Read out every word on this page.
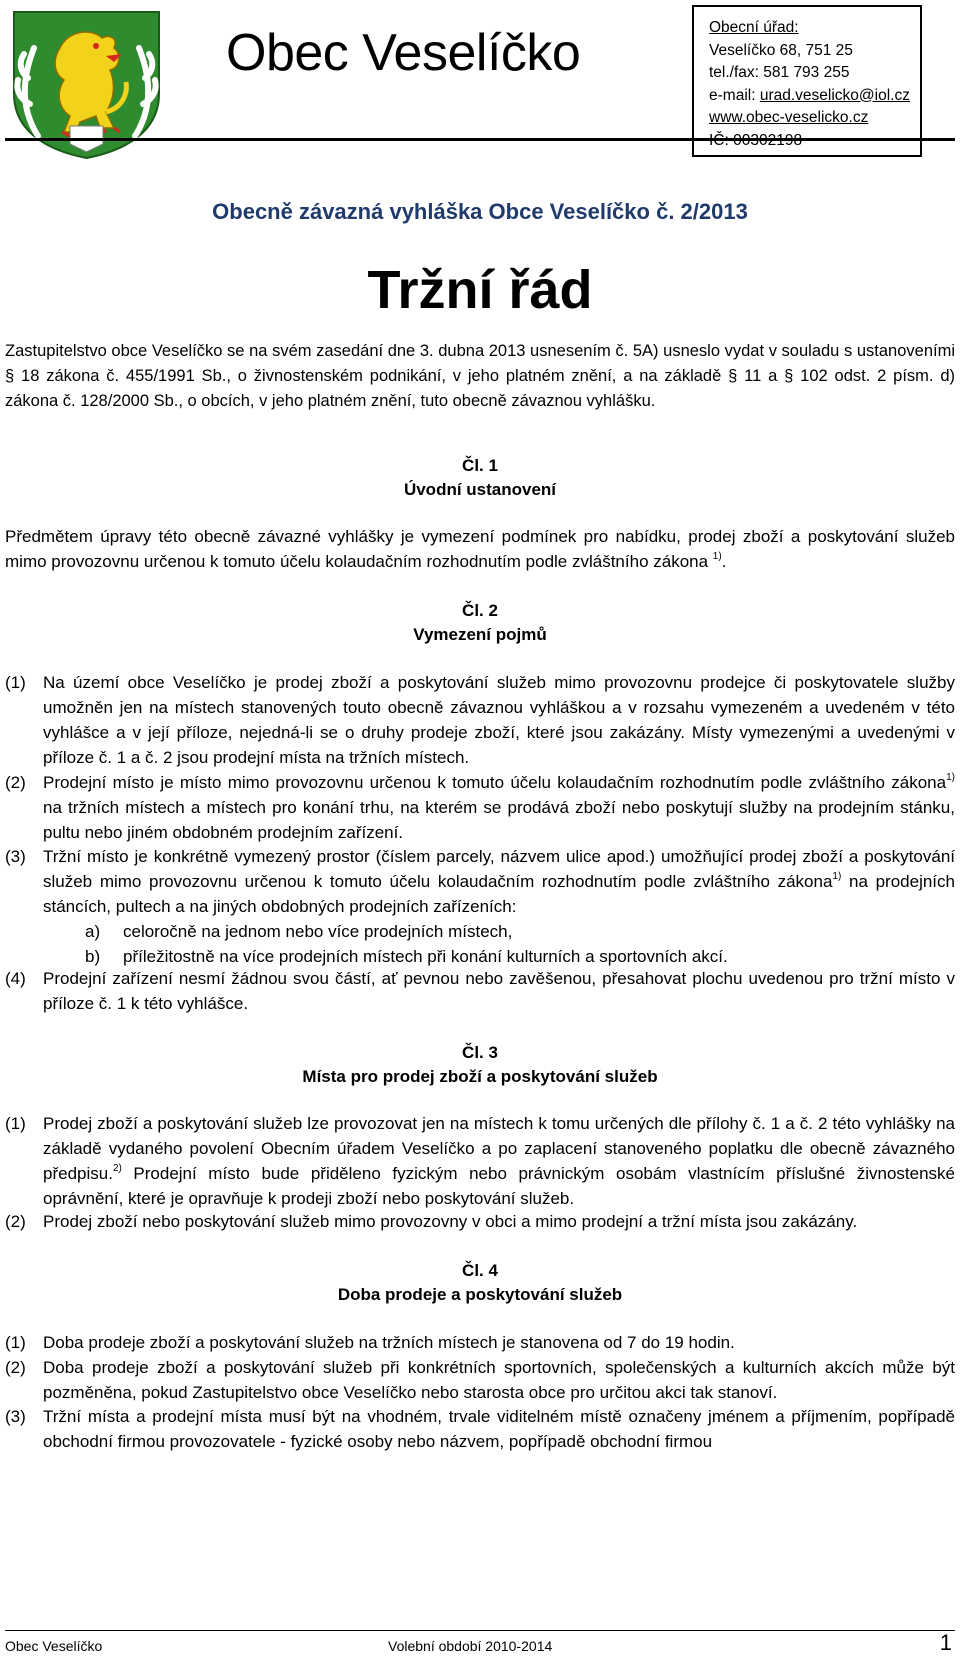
Obec Veselíčko	Obecní úřad:
Veselíčko 68, 751 25
tel./fax: 581 793 255
e-mail: urad.veselicko@iol.cz
www.obec-veselicko.cz
IČ: 00302198
Obecně závazná vyhláška Obce Veselíčko č. 2/2013
Tržní řád
Zastupitelstvo obce Veselíčko se na svém zasedání dne 3. dubna 2013 usnesením č. 5A) usneslo vydat v souladu s ustanoveními § 18 zákona č. 455/1991 Sb., o živnostenském podnikání, v jeho platném znění, a na základě § 11 a § 102 odst. 2 písm. d) zákona č. 128/2000 Sb., o obcích, v jeho platném znění, tuto obecně závaznou vyhlášku.
Čl. 1
Úvodní ustanovení
Předmětem úpravy této obecně závazné vyhlášky je vymezení podmínek pro nabídku, prodej zboží a poskytování služeb mimo provozovnu určenou k tomuto účelu kolaudačním rozhodnutím podle zvláštního zákona $^{1)}$.
Čl. 2
Vymezení pojmů
(1) Na území obce Veselíčko je prodej zboží a poskytování služeb mimo provozovnu prodejce či poskytovatele služby umožněn jen na místech stanovených touto obecně závaznou vyhláškou a v rozsahu vymezeném a uvedeném v této vyhlášce a v její příloze, nejedná-li se o druhy prodeje zboží, které jsou zakázány. Místy vymezenými a uvedenými v příloze č. 1 a č. 2 jsou prodejní místa na tržních místech.
(2) Prodejní místo je místo mimo provozovnu určenou k tomuto účelu kolaudačním rozhodnutím podle zvláštního zákona$^{1)}$ na tržních místech a místech pro konání trhu, na kterém se prodává zboží nebo poskytují služby na prodejním stánku, pultu nebo jiném obdobném prodejním zařízení.
(3) Tržní místo je konkrétně vymezený prostor (číslem parcely, názvem ulice apod.) umožňující prodej zboží a poskytování služeb mimo provozovnu určenou k tomuto účelu kolaudačním rozhodnutím podle zvláštního zákona$^{1)}$ na prodejních stáncích, pultech a na jiných obdobných prodejních zařízeních:
a) celoročně na jednom nebo více prodejních místech,
b) příležitostně na více prodejních místech při konání kulturních a sportovních akcí.
(4) Prodejní zařízení nesmí žádnou svou částí, ať pevnou nebo zavěšenou, přesahovat plochu uvedenou pro tržní místo v příloze č. 1 k této vyhlášce.
Čl. 3
Místa pro prodej zboží a poskytování služeb
(1) Prodej zboží a poskytování služeb lze provozovat jen na místech k tomu určených dle přílohy č. 1 a č. 2 této vyhlášky na základě vydaného povolení Obecním úřadem Veselíčko a po zaplacení stanoveného poplatku dle obecně závazného předpisu.$^{2)}$ Prodejní místo bude přiděleno fyzickým nebo právnickým osobám vlastnícím příslušné živnostenské oprávnění, které je opravňuje k prodeji zboží nebo poskytování služeb.
(2) Prodej zboží nebo poskytování služeb mimo provozovny v obci a mimo prodejní a tržní místa jsou zakázány.
Čl. 4
Doba prodeje a poskytování služeb
(1) Doba prodeje zboží a poskytování služeb na tržních místech je stanovena od 7 do 19 hodin.
(2) Doba prodeje zboží a poskytování služeb při konkrétních sportovních, společenských a kulturních akcích může být pozměněna, pokud Zastupitelstvo obce Veselíčko nebo starosta obce pro určitou akci tak stanoví.
(3) Tržní místa a prodejní místa musí být na vhodném, trvale viditelném místě označeny jménem a příjmením, popřípadě obchodní firmou provozovatele - fyzické osoby nebo názvem, popřípadě obchodní firmou
Obec Veselíčko	Volební období 2010-2014	1
